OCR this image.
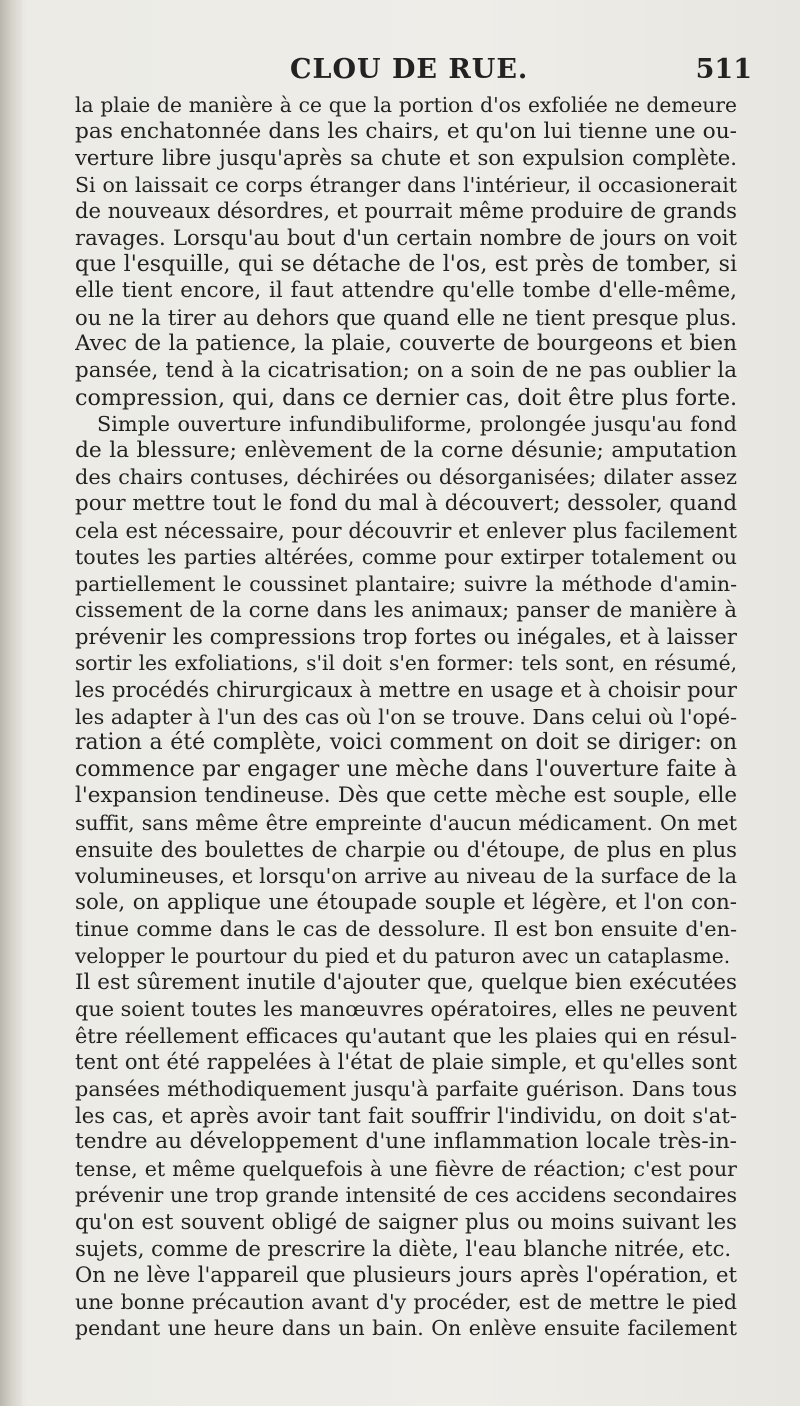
CLOU DE RUE.	511
la plaie de manière à ce que la portion d'os exfoliée ne demeure
pas enchatonnée dans les chairs, et qu'on lui tienne une ou-
verture libre jusqu'après sa chute et son expulsion complète.
Si on laissait ce corps étranger dans l'intérieur, il occasionerait
de nouveaux désordres, et pourrait même produire de grands
ravages. Lorsqu'au bout d'un certain nombre de jours on voit
que l'esquille, qui se détache de l'os, est près de tomber, si
elle tient encore, il faut attendre qu'elle tombe d'elle-même,
ou ne la tirer au dehors que quand elle ne tient presque plus.
Avec de la patience, la plaie, couverte de bourgeons et bien
pansée, tend à la cicatrisation; on a soin de ne pas oublier la
compression, qui, dans ce dernier cas, doit être plus forte.
Simple ouverture infundibuliforme, prolongée jusqu'au fond
de la blessure; enlèvement de la corne désunie; amputation
des chairs contuses, déchirées ou désorganisées; dilater assez
pour mettre tout le fond du mal à découvert; dessoler, quand
cela est nécessaire, pour découvrir et enlever plus facilement
toutes les parties altérées, comme pour extirper totalement ou
partiellement le coussinet plantaire; suivre la méthode d'amin-
cissement de la corne dans les animaux; panser de manière à
prévenir les compressions trop fortes ou inégales, et à laisser
sortir les exfoliations, s'il doit s'en former: tels sont, en résumé,
les procédés chirurgicaux à mettre en usage et à choisir pour
les adapter à l'un des cas où l'on se trouve. Dans celui où l'opé-
ration a été complète, voici comment on doit se diriger: on
commence par engager une mèche dans l'ouverture faite à
l'expansion tendineuse. Dès que cette mèche est souple, elle
suffit, sans même être empreinte d'aucun médicament. On met
ensuite des boulettes de charpie ou d'étoupe, de plus en plus
volumineuses, et lorsqu'on arrive au niveau de la surface de la
sole, on applique une étoupade souple et légère, et l'on con-
tinue comme dans le cas de dessolure. Il est bon ensuite d'en-
velopper le pourtour du pied et du paturon avec un cataplasme.
Il est sûrement inutile d'ajouter que, quelque bien exécutées
que soient toutes les manœuvres opératoires, elles ne peuvent
être réellement efficaces qu'autant que les plaies qui en résul-
tent ont été rappelées à l'état de plaie simple, et qu'elles sont
pansées méthodiquement jusqu'à parfaite guérison. Dans tous
les cas, et après avoir tant fait souffrir l'individu, on doit s'at-
tendre au développement d'une inflammation locale très-in-
tense, et même quelquefois à une fièvre de réaction; c'est pour
prévenir une trop grande intensité de ces accidens secondaires
qu'on est souvent obligé de saigner plus ou moins suivant les
sujets, comme de prescrire la diète, l'eau blanche nitrée, etc.
On ne lève l'appareil que plusieurs jours après l'opération, et
une bonne précaution avant d'y procéder, est de mettre le pied
pendant une heure dans un bain. On enlève ensuite facilement
